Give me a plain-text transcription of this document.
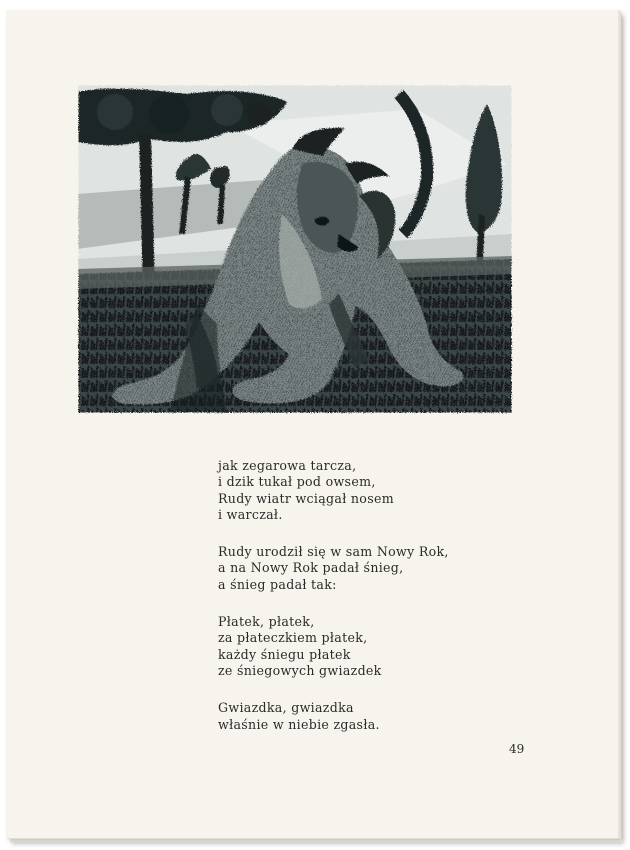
jak zegarowa tarcza,
i dzik tukał pod owsem,
Rudy wiatr wciągał nosem
i warczał.
Rudy urodził się w sam Nowy Rok,
a na Nowy Rok padał śnieg,
a śnieg padał tak:
Płatek, płatek,
za płateczkiem płatek,
każdy śniegu płatek
ze śniegowych gwiazdek
Gwiazdka, gwiazdka
właśnie w niebie zgasła.
49
